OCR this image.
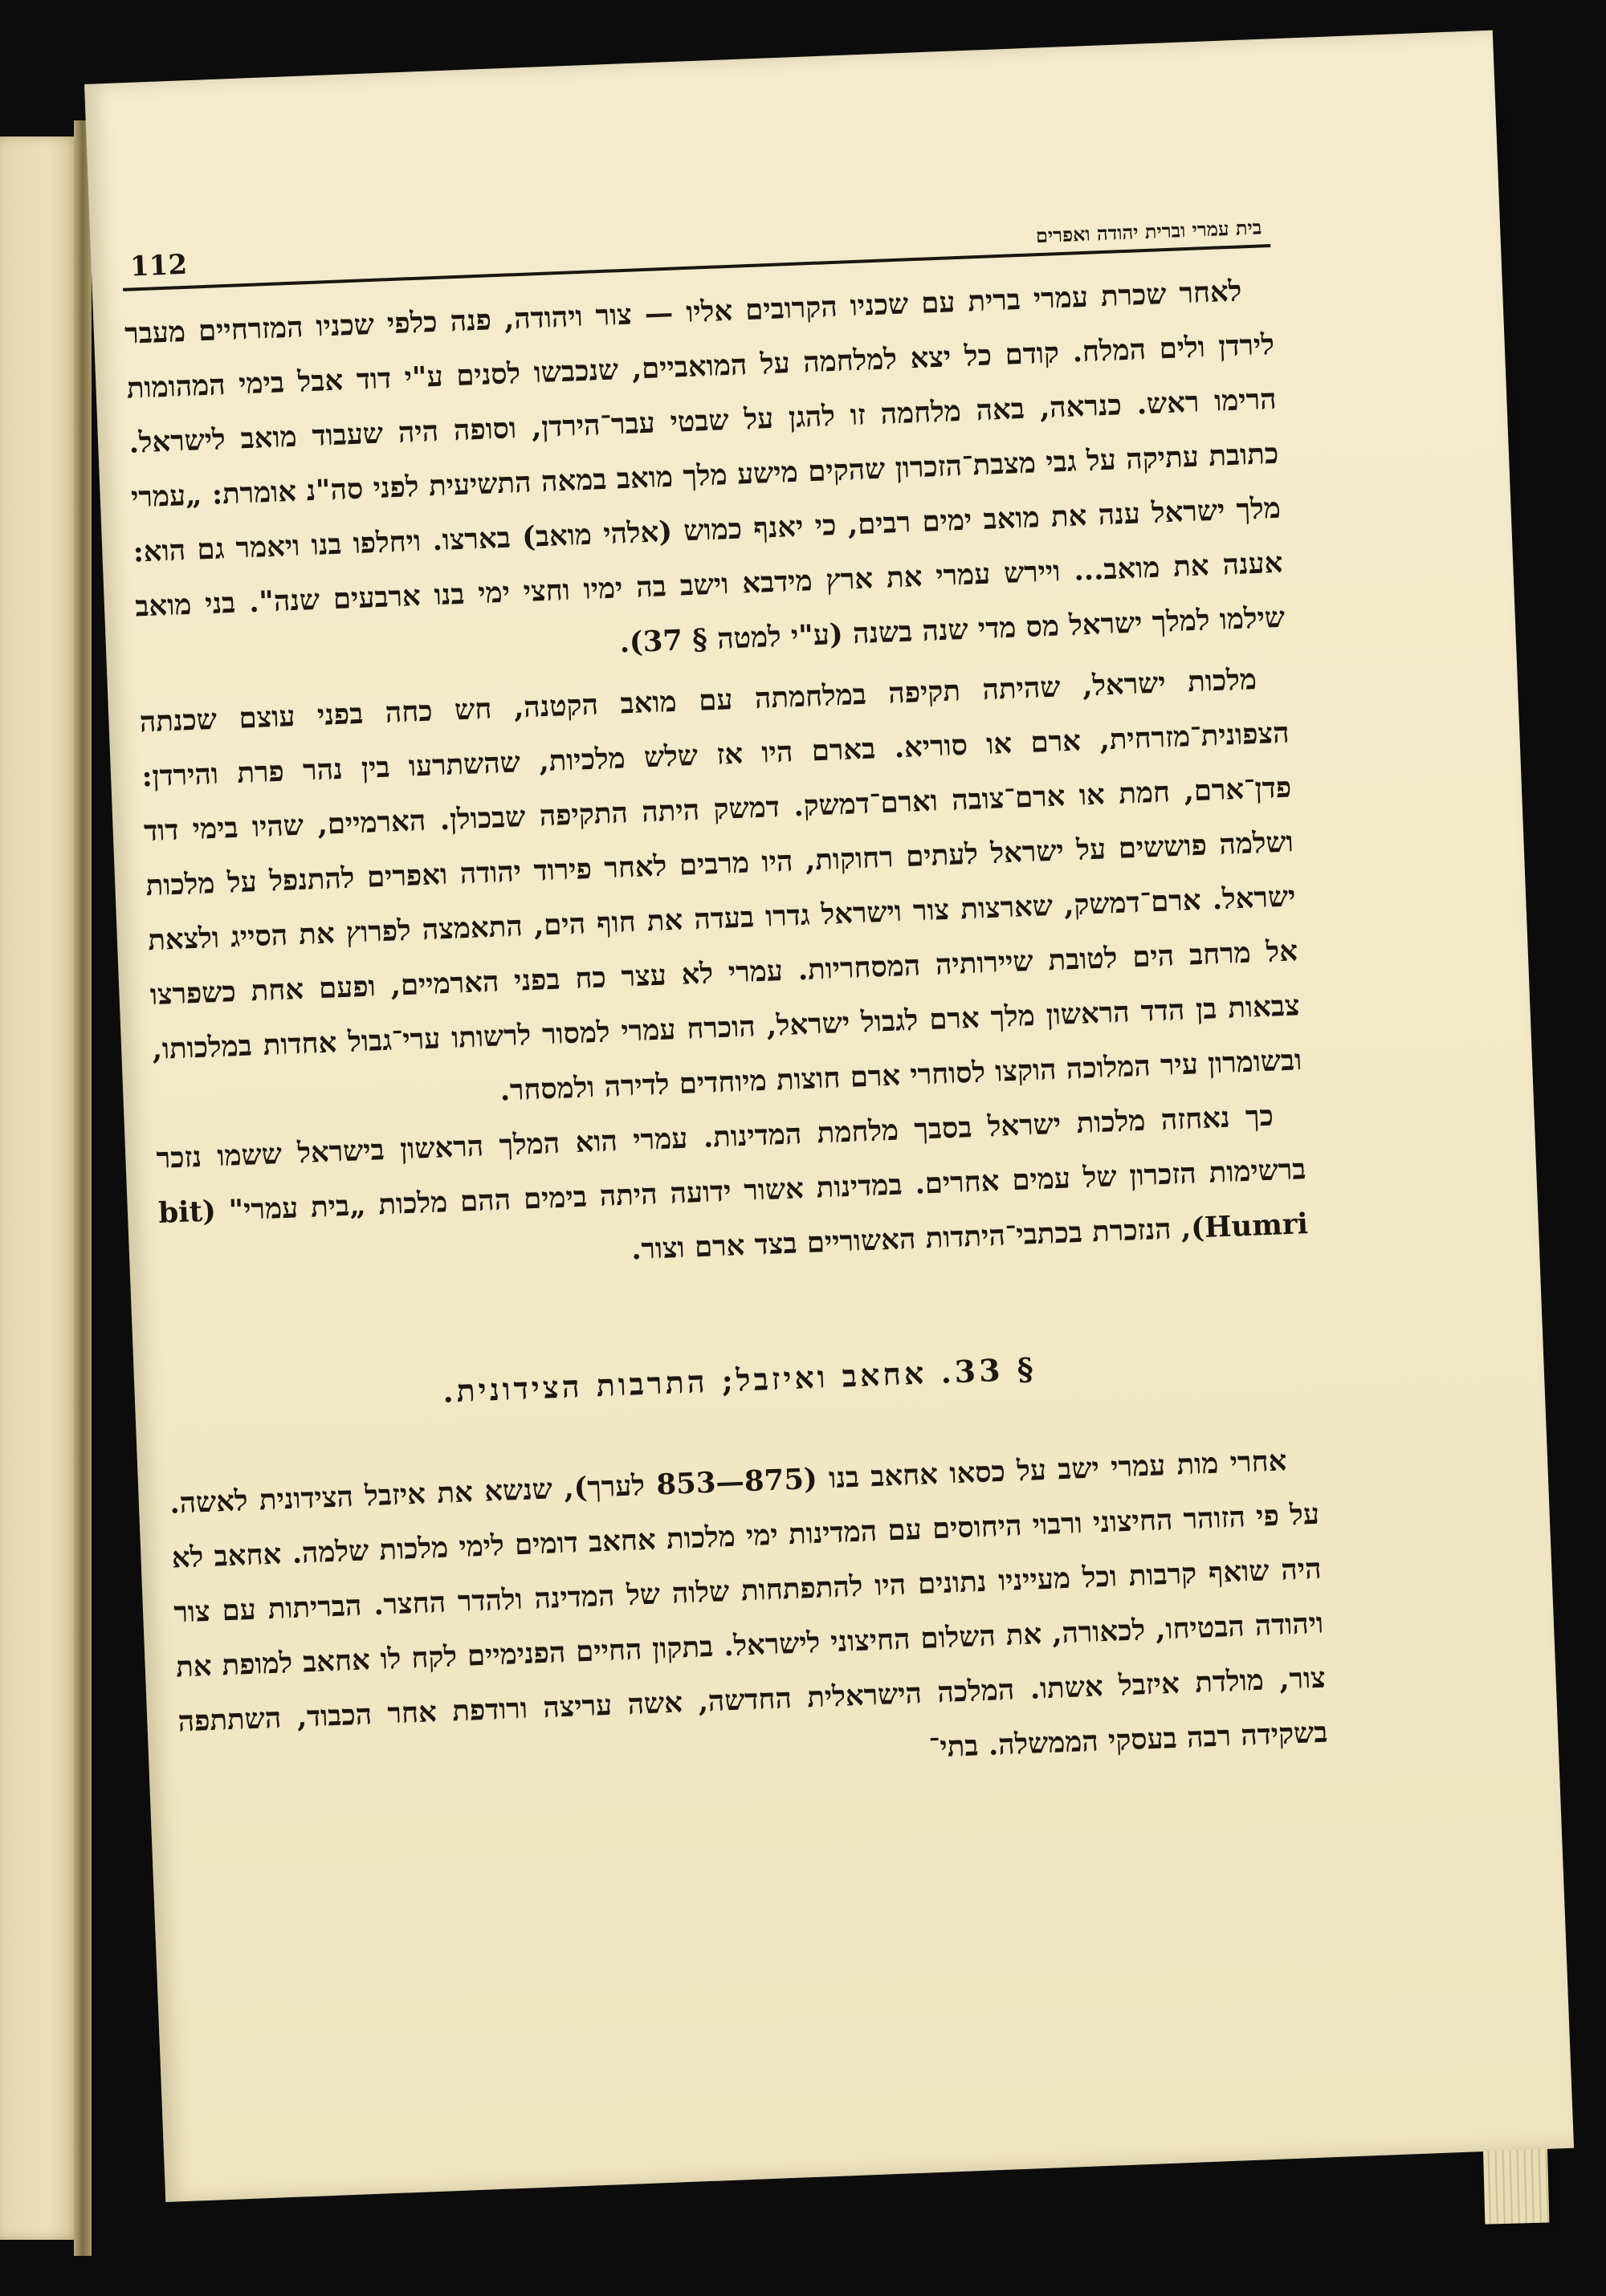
בית עמרי וברית יהודה ואפרים
112

לאחר שכרת עמרי ברית עם שכניו הקרובים אליו — צור ויהודה, פנה כלפי שכניו המזרחיים מעבר לירדן ולים המלח. קודם כל יצא למלחמה על המואביים, שנכבשו לסנים ע"י דוד אבל בימי המהומות הרימו ראש. כנראה, באה מלחמה זו להגן על שבטי עבר־הירדן, וסופה היה שעבוד מואב לישראל. כתובת עתיקה על גבי מצבת־הזכרון שהקים מישע מלך מואב במאה התשיעית לפני סה"נ אומרת: „עמרי מלך ישראל ענה את מואב ימים רבים, כי יאנף כמוש (אלהי מואב) בארצו. ויחלפו בנו ויאמר גם הוא: אענה את מואב... ויירש עמרי את ארץ מידבא וישב בה ימיו וחצי ימי בנו ארבעים שנה". בני מואב שילמו למלך ישראל מס מדי שנה בשנה (ע"י למטה § 37).

מלכות ישראל, שהיתה תקיפה במלחמתה עם מואב הקטנה, חש כחה בפני עוצם שכנתה הצפונית־מזרחית, ארם או סוריא. בארם היו אז שלש מלכיות, שהשתרעו בין נהר פרת והירדן: פדן־ארם, חמת או ארם־צובה וארם־דמשק. דמשק היתה התקיפה שבכולן. הארמיים, שהיו בימי דוד ושלמה פוששים על ישראל לעתים רחוקות, היו מרבים לאחר פירוד יהודה ואפרים להתנפל על מלכות ישראל. ארם־דמשק, שארצות צור וישראל גדרו בעדה את חוף הים, התאמצה לפרוץ את הסייג ולצאת אל מרחב הים לטובת שיירותיה המסחריות. עמרי לא עצר כח בפני הארמיים, ופעם אחת כשפרצו צבאות בן הדד הראשון מלך ארם לגבול ישראל, הוכרח עמרי למסור לרשותו ערי־גבול אחדות במלכותו, ובשומרון עיר המלוכה הוקצו לסוחרי ארם חוצות מיוחדים לדירה ולמסחר.

כך נאחזה מלכות ישראל בסבך מלחמת המדינות. עמרי הוא המלך הראשון בישראל ששמו נזכר ברשימות הזכרון של עמים אחרים. במדינות אשור ידועה היתה בימים ההם מלכות „בית עמרי" (bit Humri), הנזכרת בכתבי־היתדות האשוריים בצד ארם וצור.

§ 33. אחאב ואיזבל; התרבות הצידונית.

אחרי מות עמרי ישב על כסאו אחאב בנו (875—853 לערך), שנשא את איזבל הצידונית לאשה. על פי הזוהר החיצוני ורבוי היחוסים עם המדינות ימי מלכות אחאב דומים לימי מלכות שלמה. אחאב לא היה שואף קרבות וכל מעייניו נתונים היו להתפתחות שלוה של המדינה ולהדר החצר. הבריתות עם צור ויהודה הבטיחו, לכאורה, את השלום החיצוני לישראל. בתקון החיים הפנימיים לקח לו אחאב למופת את צור, מולדת איזבל אשתו. המלכה הישראלית החדשה, אשה עריצה ורודפת אחר הכבוד, השתתפה בשקידה רבה בעסקי הממשלה. בתי־
